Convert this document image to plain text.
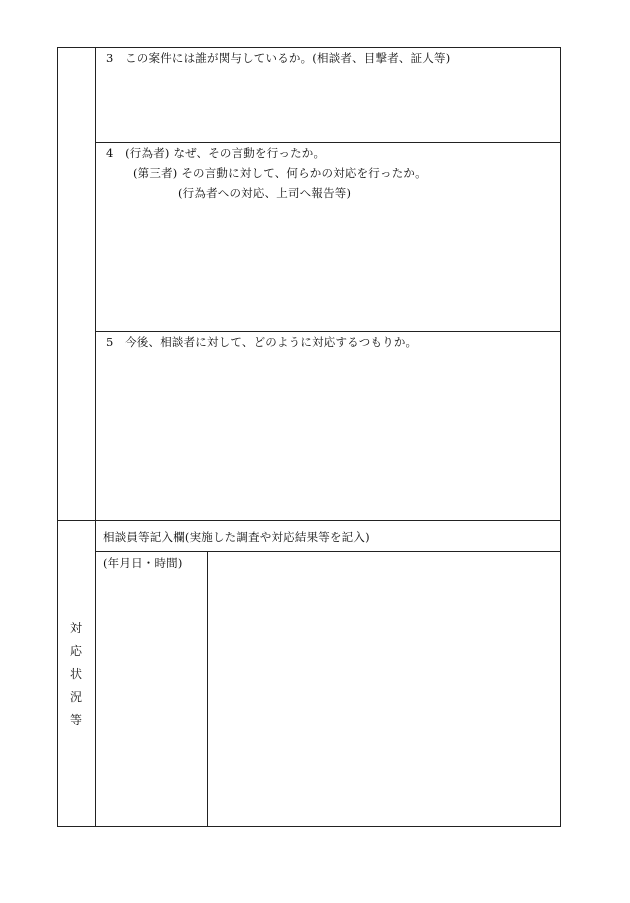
3 この案件には誰が関与しているか。(相談者、目撃者、証人等)
4 (行為者) なぜ、その言動を行ったか。
(第三者) その言動に対して、何らかの対応を行ったか。
(行為者への対応、上司へ報告等)
5 今後、相談者に対して、どのように対応するつもりか。
相談員等記入欄(実施した調査や対応結果等を記入)
(年月日・時間)
対
応
状
況
等
